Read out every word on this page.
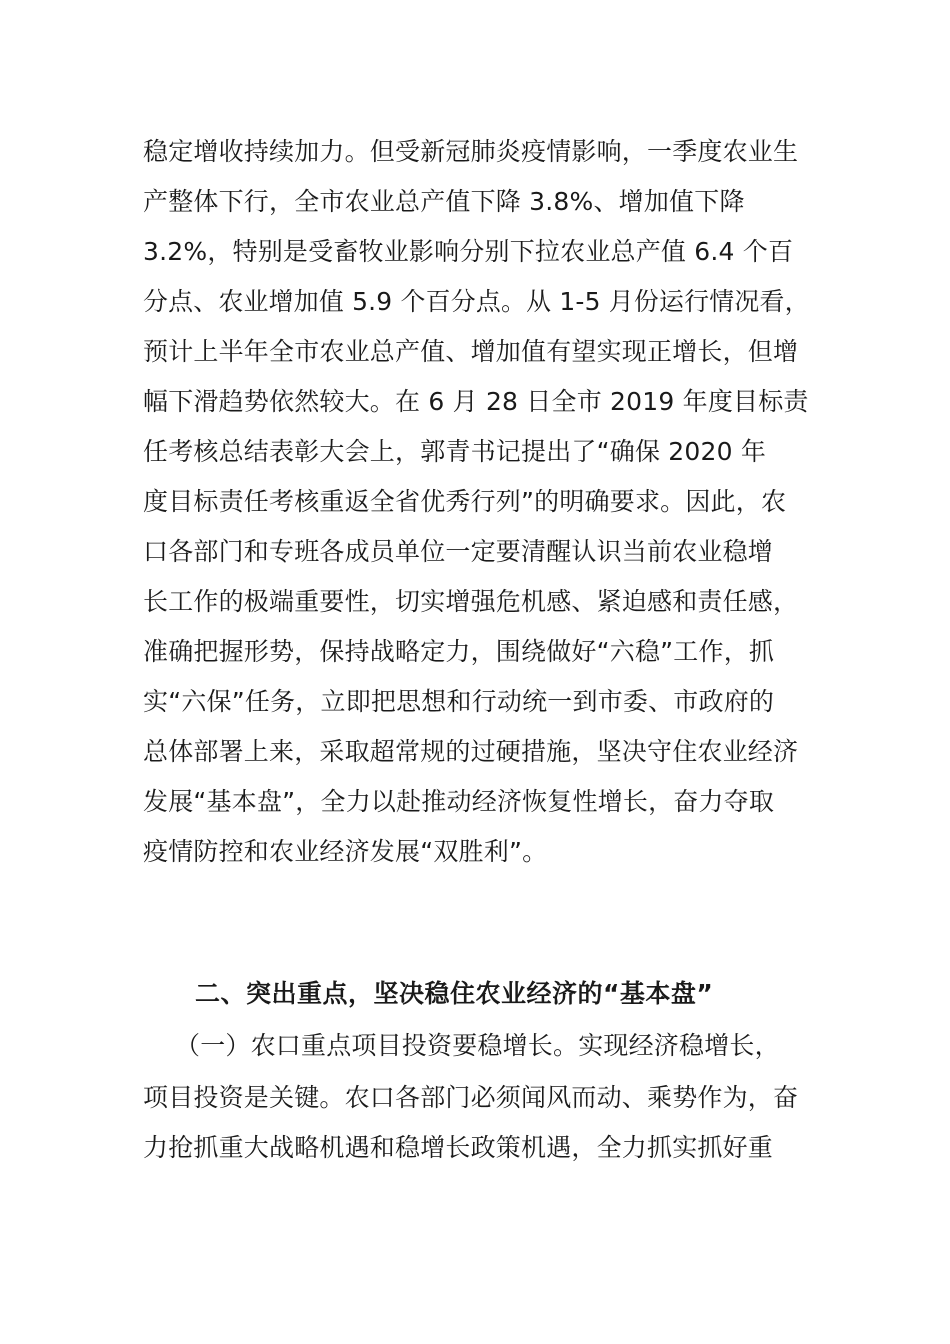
稳定增收持续加力。但受新冠肺炎疫情影响，一季度农业生
产整体下行，全市农业总产值下降 3.8%、增加值下降
3.2%，特别是受畜牧业影响分别下拉农业总产值 6.4 个百
分点、农业增加值 5.9 个百分点。从 1-5 月份运行情况看，
预计上半年全市农业总产值、增加值有望实现正增长，但增
幅下滑趋势依然较大。在 6 月 28 日全市 2019 年度目标责
任考核总结表彰大会上，郭青书记提出了“确保 2020 年
度目标责任考核重返全省优秀行列”的明确要求。因此，农
口各部门和专班各成员单位一定要清醒认识当前农业稳增
长工作的极端重要性，切实增强危机感、紧迫感和责任感，
准确把握形势，保持战略定力，围绕做好“六稳”工作，抓
实“六保”任务，立即把思想和行动统一到市委、市政府的
总体部署上来，采取超常规的过硬措施，坚决守住农业经济
发展“基本盘”，全力以赴推动经济恢复性增长，奋力夺取
疫情防控和农业经济发展“双胜利”。
二、突出重点，坚决稳住农业经济的“基本盘”
（一）农口重点项目投资要稳增长。实现经济稳增长，
项目投资是关键。农口各部门必须闻风而动、乘势作为，奋
力抢抓重大战略机遇和稳增长政策机遇，全力抓实抓好重
